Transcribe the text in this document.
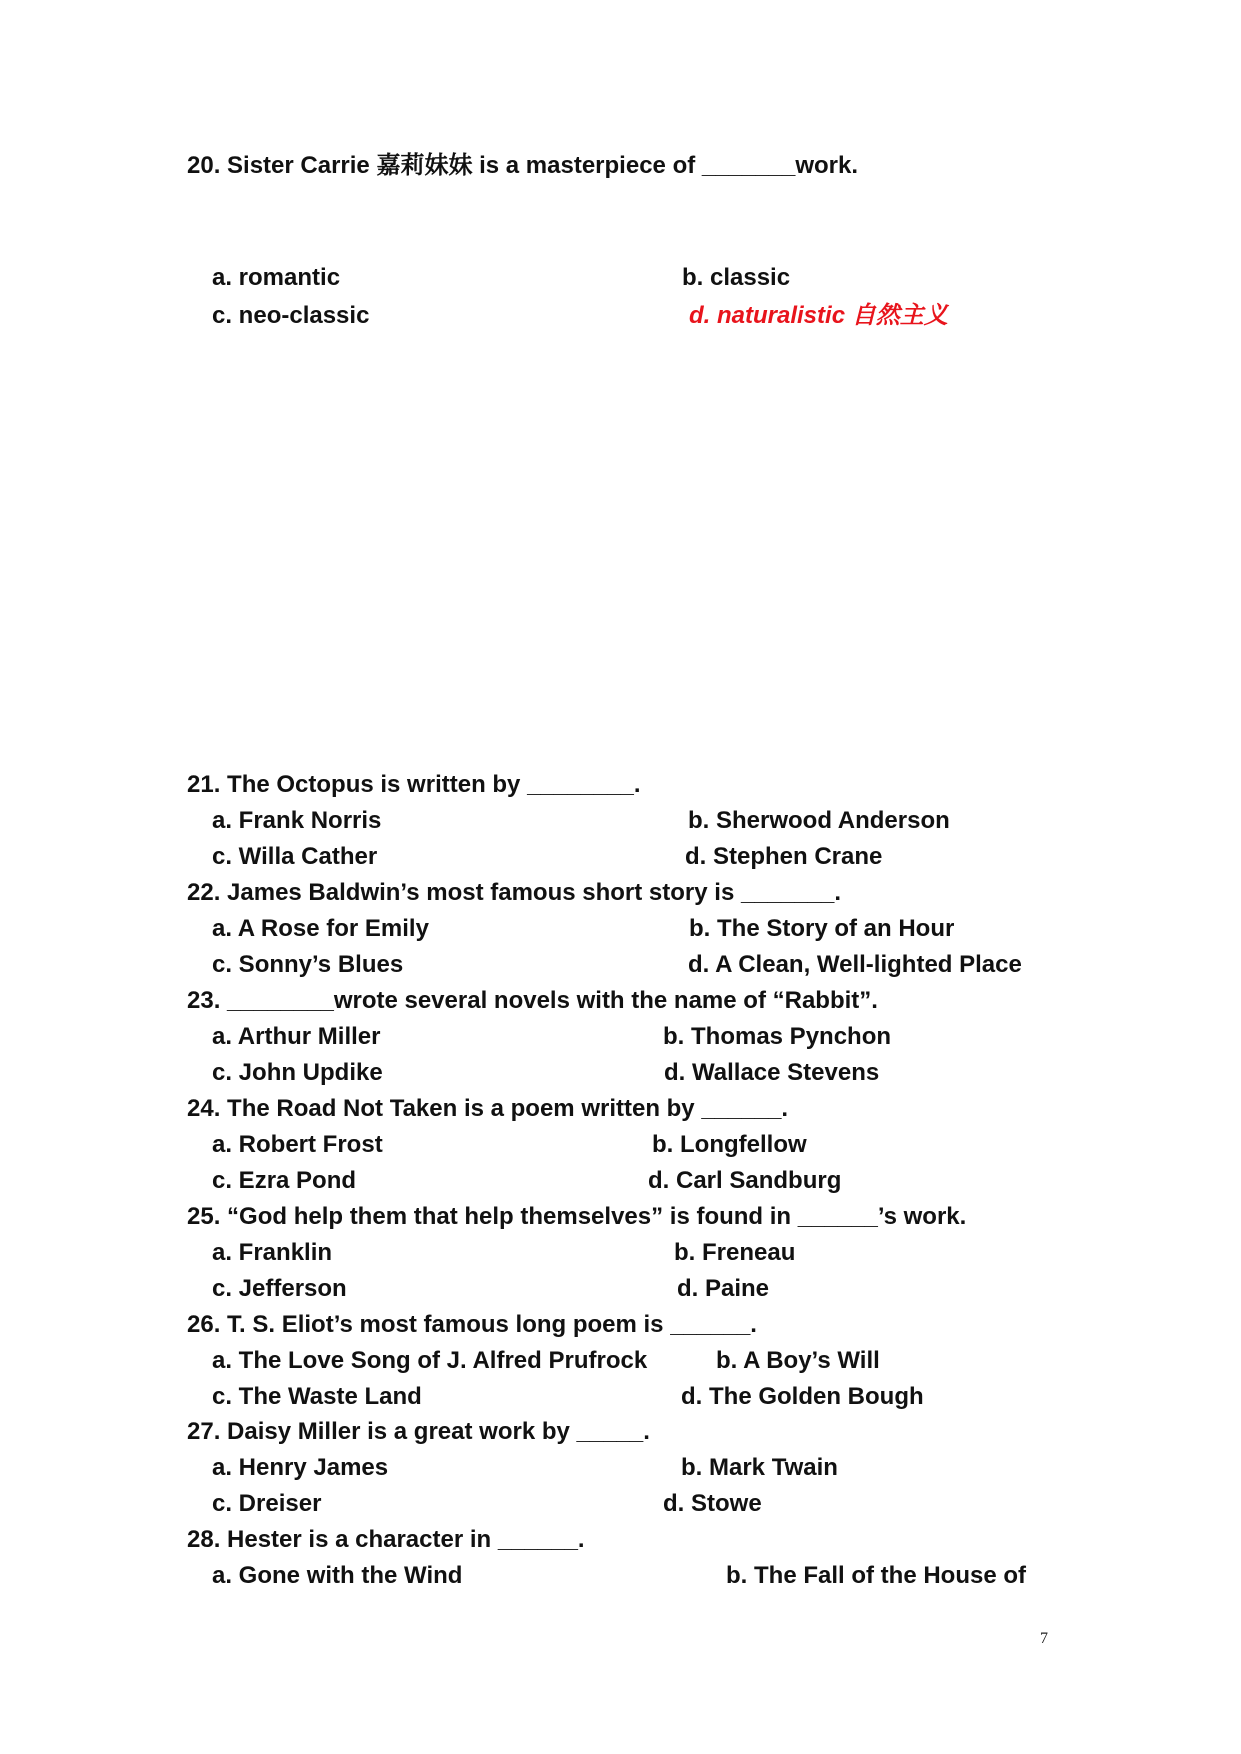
20. Sister Carrie 嘉莉妹妹 is a masterpiece of _______work.
a. romantic	b. classic
c. neo-classic	d. naturalistic 自然主义
21. The Octopus is written by ________.
a. Frank Norris	b. Sherwood Anderson
c. Willa Cather	d. Stephen Crane
22. James Baldwin’s most famous short story is _______.
a. A Rose for Emily	b. The Story of an Hour
c. Sonny’s Blues	d. A Clean, Well-lighted Place
23. ________wrote several novels with the name of “Rabbit”.
a. Arthur Miller	b. Thomas Pynchon
c. John Updike	d. Wallace Stevens
24. The Road Not Taken is a poem written by ______.
a. Robert Frost	b. Longfellow
c. Ezra Pond	d. Carl Sandburg
25. “God help them that help themselves” is found in ______’s work.
a. Franklin	b. Freneau
c. Jefferson	d. Paine
26. T. S. Eliot’s most famous long poem is ______.
a. The Love Song of J. Alfred Prufrock	b. A Boy’s Will
c. The Waste Land	d. The Golden Bough
27. Daisy Miller is a great work by _____.
a. Henry James	b. Mark Twain
c. Dreiser	d. Stowe
28. Hester is a character in ______.
a. Gone with the Wind	b. The Fall of the House of
7
